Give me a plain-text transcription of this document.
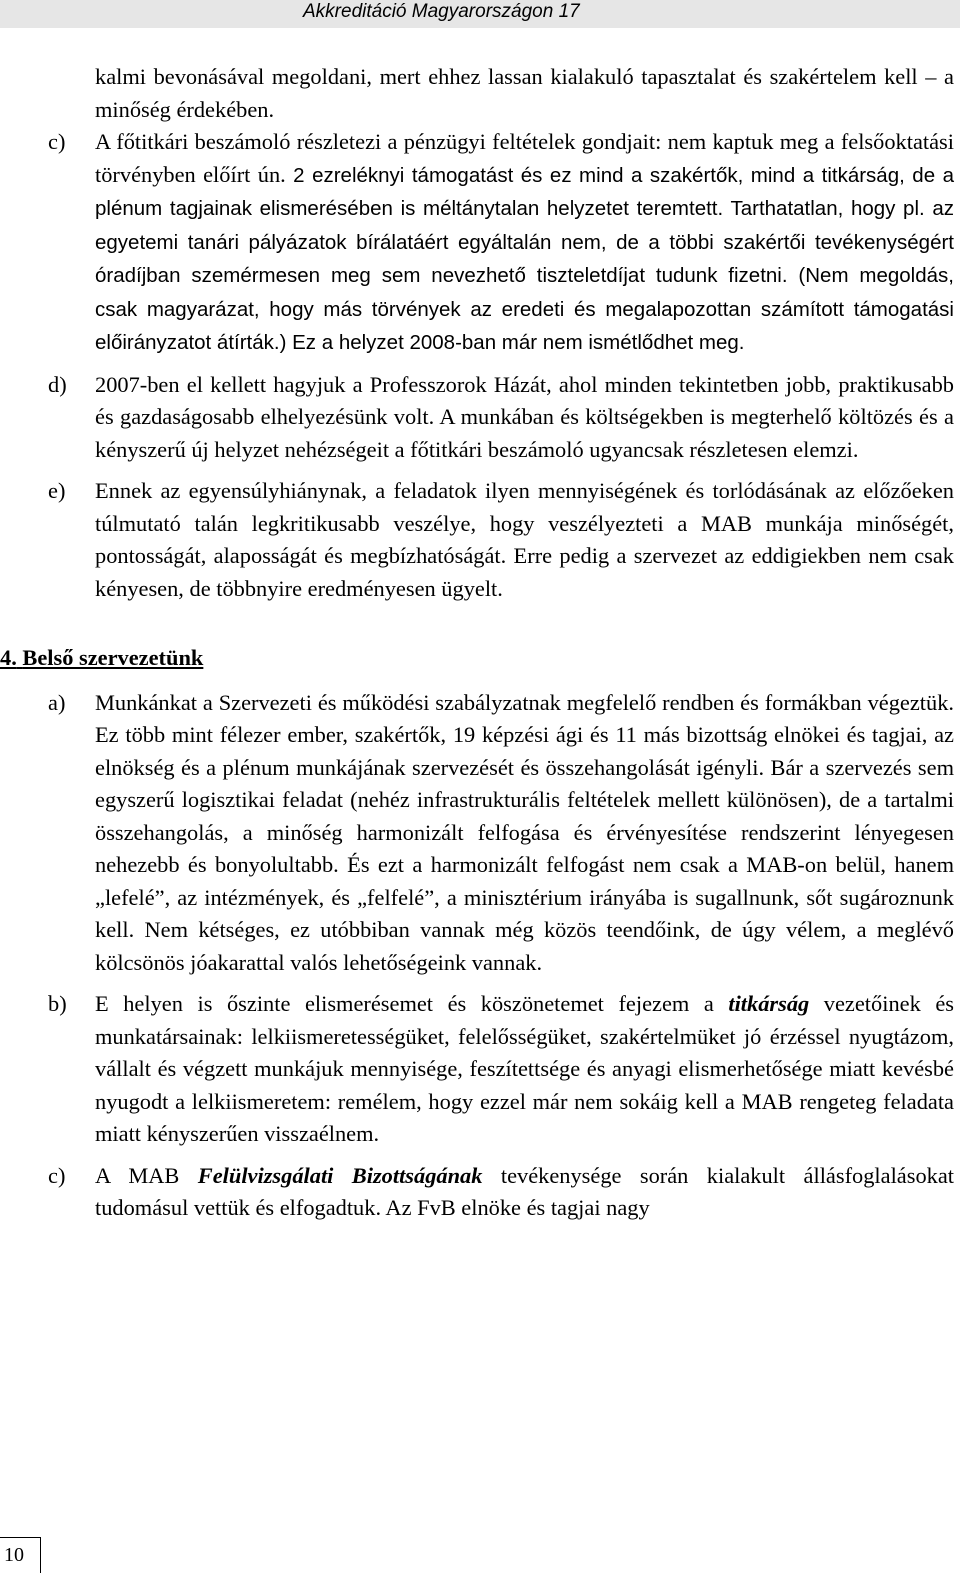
Akkreditáció Magyarországon 17

kalmi bevonásával megoldani, mert ehhez lassan kialakuló tapasztalat és szakértelem kell – a minőség érdekében.

c)	A főtitkári beszámoló részletezi a pénzügyi feltételek gondjait: nem kaptuk meg a felsőoktatási törvényben előírt ún. 2 ezreléknyi támogatást és ez mind a szakértők, mind a titkárság, de a plénum tagjainak elismerésében is méltánytalan helyzetet teremtett. Tarthatatlan, hogy pl. az egyetemi tanári pályázatok bírálatáért egyáltalán nem, de a többi szakértői tevékenységért óradíjban szemérmesen meg sem nevezhető tiszteletdíjat tudunk fizetni. (Nem megoldás, csak magyarázat, hogy más törvények az eredeti és megalapozottan számított támogatási előirányzatot átírták.) Ez a helyzet 2008-ban már nem ismétlődhet meg.
d)	2007-ben el kellett hagyjuk a Professzorok Házát, ahol minden tekintetben jobb, praktikusabb és gazdaságosabb elhelyezésünk volt. A munkában és költségekben is megterhelő költözés és a kényszerű új helyzet nehézségeit a főtitkári beszámoló ugyancsak részletesen elemzi.
e)	Ennek az egyensúlyhiánynak, a feladatok ilyen mennyiségének és torlódásának az előzőeken túlmutató talán legkritikusabb veszélye, hogy veszélyezteti a MAB munkája minőségét, pontosságát, alaposságát és megbízhatóságát. Erre pedig a szervezet az eddigiekben nem csak kényesen, de többnyire eredményesen ügyelt.
4. Belső szervezetünk
a)	Munkánkat a Szervezeti és működési szabályzatnak megfelelő rendben és formákban végeztük. Ez több mint félezer ember, szakértők, 19 képzési ági és 11 más bizottság elnökei és tagjai, az elnökség és a plénum munkájának szervezését és összehangolását igényli. Bár a szervezés sem egyszerű logisztikai feladat (nehéz infrastrukturális feltételek mellett különösen), de a tartalmi összehangolás, a minőség harmonizált felfogása és érvényesítése rendszerint lényegesen nehezebb és bonyolultabb. És ezt a harmonizált felfogást nem csak a MAB-on belül, hanem „lefelé”, az intézmények, és „felfelé”, a minisztérium irányába is sugallnunk, sőt sugároznunk kell. Nem kétséges, ez utóbbiban vannak még közös teendőink, de úgy vélem, a meglévő kölcsönös jóakarattal valós lehetőségeink vannak.
b)	E helyen is őszinte elismerésemet és köszönetemet fejezem a titkárság vezetőinek és munkatársainak: lelkiismeretességüket, felelősségüket, szakértelmüket jó érzéssel nyugtázom, vállalt és végzett munkájuk mennyisége, feszítettsége és anyagi elismerhetősége miatt kevésbé nyugodt a lelkiismeretem: remélem, hogy ezzel már nem sokáig kell a MAB rengeteg feladata miatt kényszerűen visszaélnem.
c)	A MAB Felülvizsgálati Bizottságának tevékenysége során kialakult állásfoglalásokat tudomásul vettük és elfogadtuk. Az FvB elnöke és tagjai nagy
10
